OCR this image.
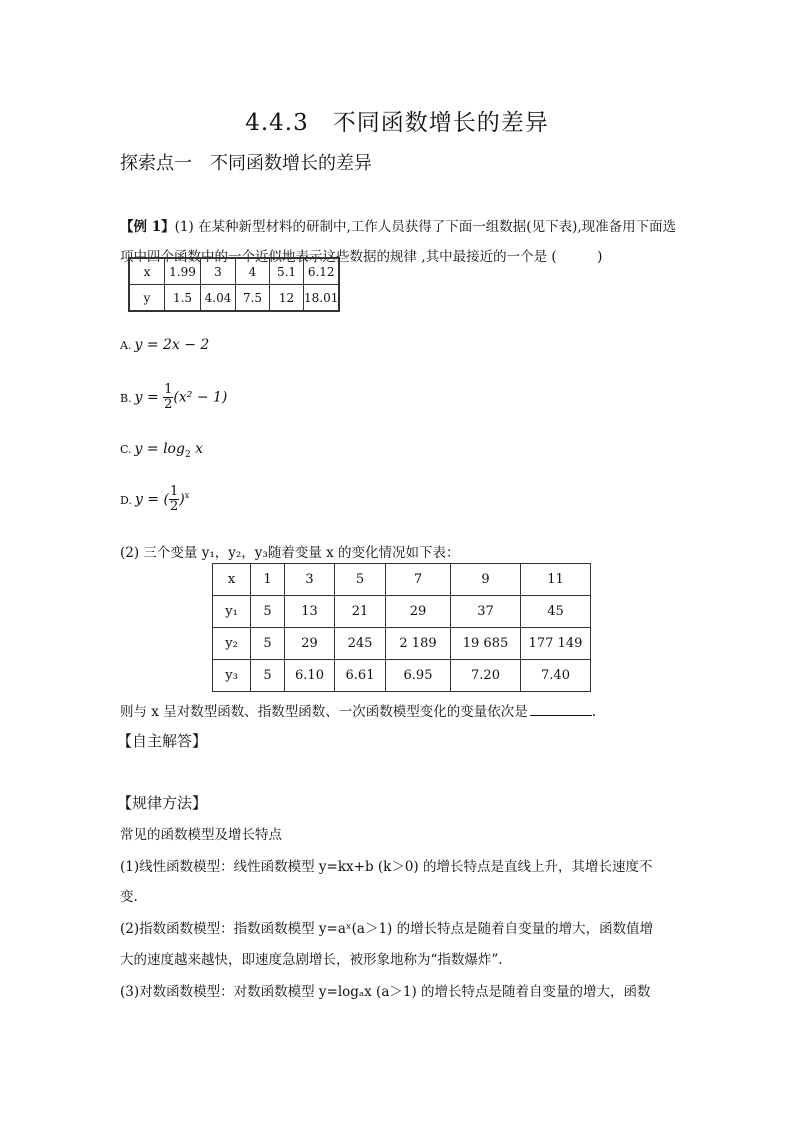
4.4.3　不同函数增长的差异
探索点一　不同函数增长的差异
【例 1】(1) 在某种新型材料的研制中,工作人员获得了下面一组数据(见下表),现准备用下面选
项中四个函数中的一个近似地表示这些数据的规律 ,其中最接近的一个是 (　　　)
x	1.99	3	4	5.1	6.12
y	1.5	4.04	7.5	12	18.01
A. y = 2x − 2
B. $y = \frac{1}{2} (x^2 - 1)$
C. $y = \log_2 x$
D. y = ( $\frac{1}{2} )^x$
(2) 三个变量 y₁，y₂，y₃随着变量 x 的变化情况如下表：
x	1	3	5	7	9	11
y₁	5	13	21	29	37	45
y₂	5	29	245	2 189	19 685	177 149
y₃	5	6.10	6.61	6.95	7.20	7.40
则与 x 呈对数型函数、指数型函数、一次函数模型变化的变量依次是	.
【自主解答】
【规律方法】
常见的函数模型及增长特点
(1)线性函数模型：线性函数模型 y=kx+b (k＞0) 的增长特点是直线上升，其增长速度不
变.
(2)指数函数模型：指数函数模型 y=aˣ(a＞1) 的增长特点是随着自变量的增大，函数值增
大的速度越来越快，即速度急剧增长，被形象地称为“指数爆炸”.
(3)对数函数模型：对数函数模型 y=logₐx (a＞1) 的增长特点是随着自变量的增大，函数
